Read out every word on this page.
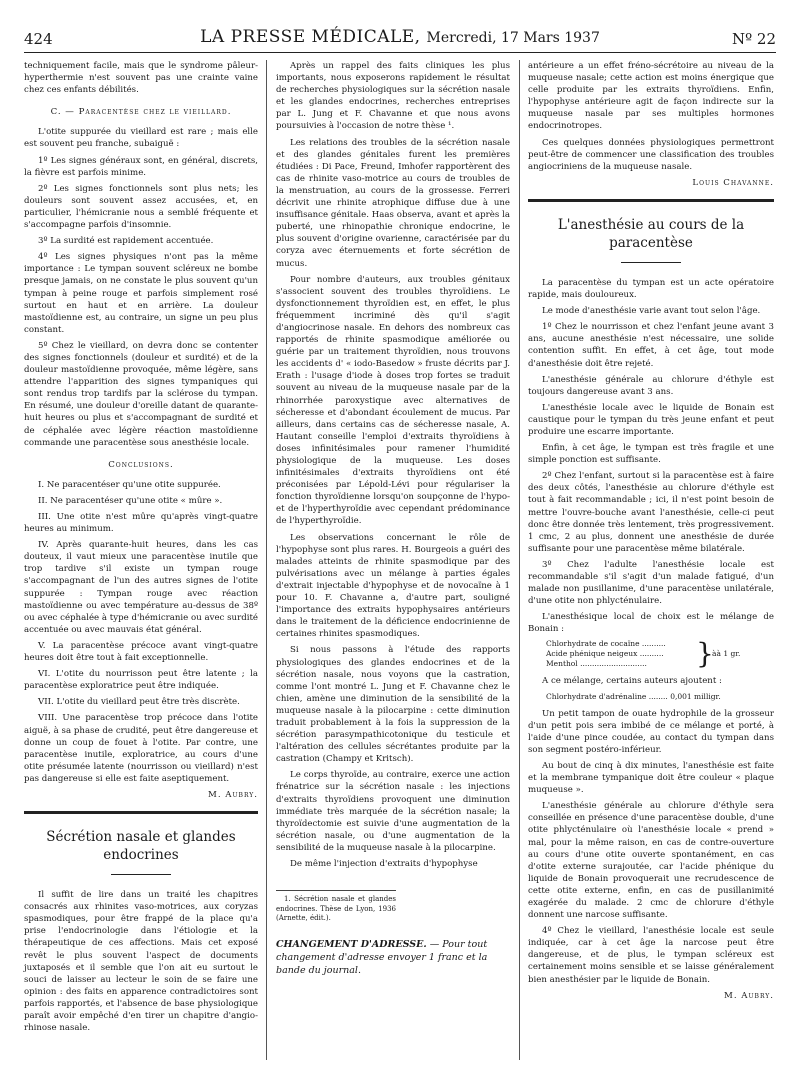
424	LA PRESSE MÉDICALE, Mercredi, 17 Mars 1937	Nº 22

techniquement facile, mais que le syndrome pâleur-hyperthermie n'est souvent pas une crainte vaine chez ces enfants débilités.

C. — Paracentèse chez le vieillard.

L'otite suppurée du vieillard est rare ; mais elle est souvent peu franche, subaiguë :

1º Les signes généraux sont, en général, discrets, la fièvre est parfois minime.

2º Les signes fonctionnels sont plus nets; les douleurs sont souvent assez accusées, et, en particulier, l'hémicranie nous a semblé fréquente et s'accompagne parfois d'insomnie.

3º La surdité est rapidement accentuée.

4º Les signes physiques n'ont pas la même importance : Le tympan souvent scléreux ne bombe presque jamais, on ne constate le plus souvent qu'un tympan à peine rouge et parfois simplement rosé surtout en haut et en arrière. La douleur mastoïdienne est, au contraire, un signe un peu plus constant.

5º Chez le vieillard, on devra donc se contenter des signes fonctionnels (douleur et surdité) et de la douleur mastoïdienne provoquée, même légère, sans attendre l'apparition des signes tympaniques qui sont rendus trop tardifs par la sclérose du tympan. En résumé, une douleur d'oreille datant de quarante-huit heures ou plus et s'accompagnant de surdité et de céphalée avec légère réaction mastoïdienne commande une paracentèse sous anesthésie locale.

Conclusions.

I. Ne paracentéser qu'une otite suppurée.

II. Ne paracentéser qu'une otite « mûre ».

III. Une otite n'est mûre qu'après vingt-quatre heures au minimum.

IV. Après quarante-huit heures, dans les cas douteux, il vaut mieux une paracentèse inutile que trop tardive s'il existe un tympan rouge s'accompagnant de l'un des autres signes de l'otite suppurée : Tympan rouge avec réaction mastoïdienne ou avec température au-dessus de 38º ou avec céphalée à type d'hémicranie ou avec surdité accentuée ou avec mauvais état général.

V. La paracentèse précoce avant vingt-quatre heures doit être tout à fait exceptionnelle.

VI. L'otite du nourrisson peut être latente ; la paracentèse exploratrice peut être indiquée.

VII. L'otite du vieillard peut être très discrète.

VIII. Une paracentèse trop précoce dans l'otite aiguë, à sa phase de crudité, peut être dangereuse et donne un coup de fouet à l'otite. Par contre, une paracentèse inutile, exploratrice, au cours d'une otite présumée latente (nourrisson ou vieillard) n'est pas dangereuse si elle est faite aseptiquement.

M. Aubry.
Sécrétion nasale et glandes endocrines

Il suffit de lire dans un traité les chapitres consacrés aux rhinites vaso-motrices, aux coryzas spasmodiques, pour être frappé de la place qu'a prise l'endocrinologie dans l'étiologie et la thérapeutique de ces affections. Mais cet exposé revêt le plus souvent l'aspect de documents juxtaposés et il semble que l'on ait eu surtout le souci de laisser au lecteur le soin de se faire une opinion : des faits en apparence contradictoires sont parfois rapportés, et l'absence de base physiologique paraît avoir empêché d'en tirer un chapitre d'angio-rhinose nasale.

Après un rappel des faits cliniques les plus importants, nous exposerons rapidement le résultat de recherches physiologiques sur la sécrétion nasale et les glandes endocrines, recherches entreprises par L. Jung et F. Chavanne et que nous avons poursuivies à l'occasion de notre thèse ¹.

Les relations des troubles de la sécrétion nasale et des glandes génitales furent les premières étudiées : Di Pace, Freund, Imhofer rapportèrent des cas de rhinite vaso-motrice au cours de troubles de la menstruation, au cours de la grossesse. Ferreri décrivit une rhinite atrophique diffuse due à une insuffisance génitale. Haas observa, avant et après la puberté, une rhinopathie chronique endocrine, le plus souvent d'origine ovarienne, caractérisée par du coryza avec éternuements et forte sécrétion de mucus.

Pour nombre d'auteurs, aux troubles génitaux s'associent souvent des troubles thyroïdiens. Le dysfonctionnement thyroïdien est, en effet, le plus fréquemment incriminé dès qu'il s'agit d'angiocrinose nasale. En dehors des nombreux cas rapportés de rhinite spasmodique améliorée ou guérie par un traitement thyroïdien, nous trouvons les accidents d' « iodo-Basedow » fruste décrits par J. Erath : l'usage d'iode à doses trop fortes se traduit souvent au niveau de la muqueuse nasale par de la rhinorrhée paroxystique avec alternatives de sécheresse et d'abondant écoulement de mucus. Par ailleurs, dans certains cas de sécheresse nasale, A. Hautant conseille l'emploi d'extraits thyroïdiens à doses infinitésimales pour ramener l'humidité physiologique de la muqueuse. Les doses infinitésimales d'extraits thyroïdiens ont été préconisées par Lépold-Lévi pour régulariser la fonction thyroïdienne lorsqu'on soupçonne de l'hypo- et de l'hyperthyroïdie avec cependant prédominance de l'hyperthyroïdie.

Les observations concernant le rôle de l'hypophyse sont plus rares. H. Bourgeois a guéri des malades atteints de rhinite spasmodique par des pulvérisations avec un mélange à parties égales d'extrait injectable d'hypophyse et de novocaïne à 1 pour 10. F. Chavanne a, d'autre part, souligné l'importance des extraits hypophysaires antérieurs dans le traitement de la déficience endocrinienne de certaines rhinites spasmodiques.

Si nous passons à l'étude des rapports physiologiques des glandes endocrines et de la sécrétion nasale, nous voyons que la castration, comme l'ont montré L. Jung et F. Chavanne chez le chien, amène une diminution de la sensibilité de la muqueuse nasale à la pilocarpine : cette diminution traduit probablement à la fois la suppression de la sécrétion parasympathicotonique du testicule et l'altération des cellules sécrétantes produite par la castration (Champy et Kritsch).

Le corps thyroïde, au contraire, exerce une action frénatrice sur la sécrétion nasale : les injections d'extraits thyroïdiens provoquent une diminution immédiate très marquée de la sécrétion nasale; la thyroïdectomie est suivie d'une augmentation de la sécrétion nasale, ou d'une augmentation de la sensibilité de la muqueuse nasale à la pilocarpine.

De même l'injection d'extraits d'hypophyse

1. Sécrétion nasale et glandes endocrines. Thèse de Lyon, 1936 (Arnette, édit.).

CHANGEMENT D'ADRESSE. — Pour tout changement d'adresse envoyer 1 franc et la bande du journal.

antérieure a un effet fréno-sécrétoire au niveau de la muqueuse nasale; cette action est moins énergique que celle produite par les extraits thyroïdiens. Enfin, l'hypophyse antérieure agit de façon indirecte sur la muqueuse nasale par ses multiples hormones endocrinotropes.

Ces quelques données physiologiques permettront peut-être de commencer une classification des troubles angiocriniens de la muqueuse nasale.

Louis Chavanne.
L'anesthésie au cours de la paracentèse

La paracentèse du tympan est un acte opératoire rapide, mais douloureux.

Le mode d'anesthésie varie avant tout selon l'âge.

1º Chez le nourrisson et chez l'enfant jeune avant 3 ans, aucune anesthésie n'est nécessaire, une solide contention suffit. En effet, à cet âge, tout mode d'anesthésie doit être rejeté.

L'anesthésie générale au chlorure d'éthyle est toujours dangereuse avant 3 ans.

L'anesthésie locale avec le liquide de Bonain est caustique pour le tympan du très jeune enfant et peut produire une escarre importante.

Enfin, à cet âge, le tympan est très fragile et une simple ponction est suffisante.

2º Chez l'enfant, surtout si la paracentèse est à faire des deux côtés, l'anesthésie au chlorure d'éthyle est tout à fait recommandable ; ici, il n'est point besoin de mettre l'ouvre-bouche avant l'anesthésie, celle-ci peut donc être donnée très lentement, très progressivement. 1 cmc, 2 au plus, donnent une anesthésie de durée suffisante pour une paracentèse même bilatérale.

3º Chez l'adulte l'anesthésie locale est recommandable s'il s'agit d'un malade fatigué, d'un malade non pusillanime, d'une paracentèse unilatérale, d'une otite non phlycténulaire.

L'anesthésique local de choix est le mélange de Bonain :

Chlorhydrate de cocaïne ..........
Acide phénique neigeux ..........
Menthol ............................	}
àà 1 gr.

A ce mélange, certains auteurs ajoutent :

Chlorhydrate d'adrénaline ........ 0,001 milligr.

Un petit tampon de ouate hydrophile de la grosseur d'un petit pois sera imbibé de ce mélange et porté, à l'aide d'une pince coudée, au contact du tympan dans son segment postéro-inférieur.

Au bout de cinq à dix minutes, l'anesthésie est faite et la membrane tympanique doit être couleur « plaque muqueuse ».

L'anesthésie générale au chlorure d'éthyle sera conseillée en présence d'une paracentèse double, d'une otite phlycténulaire où l'anesthésie locale « prend » mal, pour la même raison, en cas de contre-ouverture au cours d'une otite ouverte spontanément, en cas d'otite externe surajoutée, car l'acide phénique du liquide de Bonain provoquerait une recrudescence de cette otite externe, enfin, en cas de pusillanimité exagérée du malade. 2 cmc de chlorure d'éthyle donnent une narcose suffisante.

4º Chez le vieillard, l'anesthésie locale est seule indiquée, car à cet âge la narcose peut être dangereuse, et de plus, le tympan scléreux est certainement moins sensible et se laisse généralement bien anesthésier par le liquide de Bonain.

M. Aubry.
